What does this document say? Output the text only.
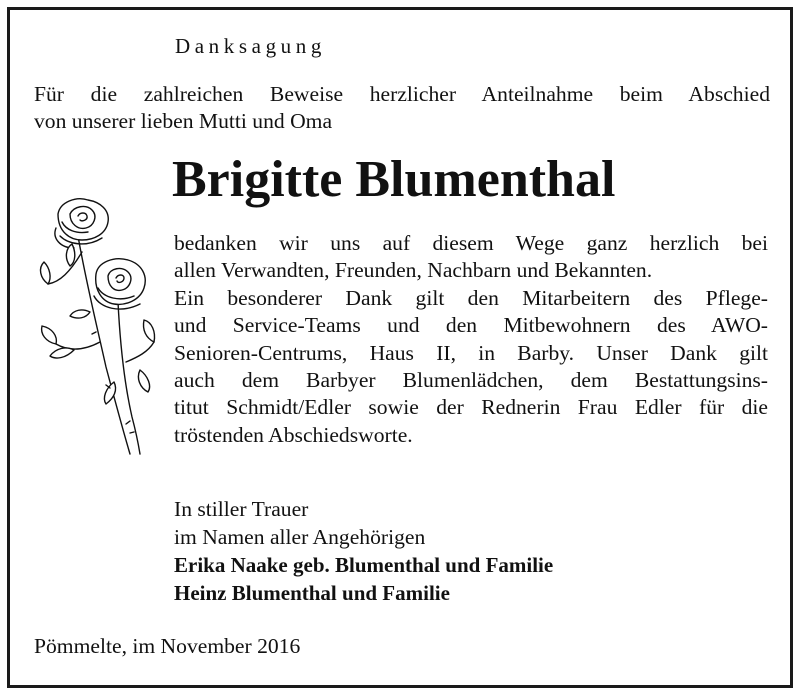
Danksagung
Für die zahlreichen Beweise herzlicher Anteilnahme beim Abschied
von unserer lieben Mutti und Oma
Brigitte Blumenthal
bedanken wir uns auf diesem Wege ganz herzlich bei
allen Verwandten, Freunden, Nachbarn und Bekannten.
Ein besonderer Dank gilt den Mitarbeitern des Pflege-
und Service-Teams und den Mitbewohnern des AWO-
Senioren-Centrums, Haus II, in Barby. Unser Dank gilt
auch dem Barbyer Blumenlädchen, dem Bestattungsins-
titut Schmidt/Edler sowie der Rednerin Frau Edler für die
tröstenden Abschiedsworte.
In stiller Trauer
im Namen aller Angehörigen
Erika Naake geb. Blumenthal und Familie
Heinz Blumenthal und Familie
Pömmelte, im November 2016
